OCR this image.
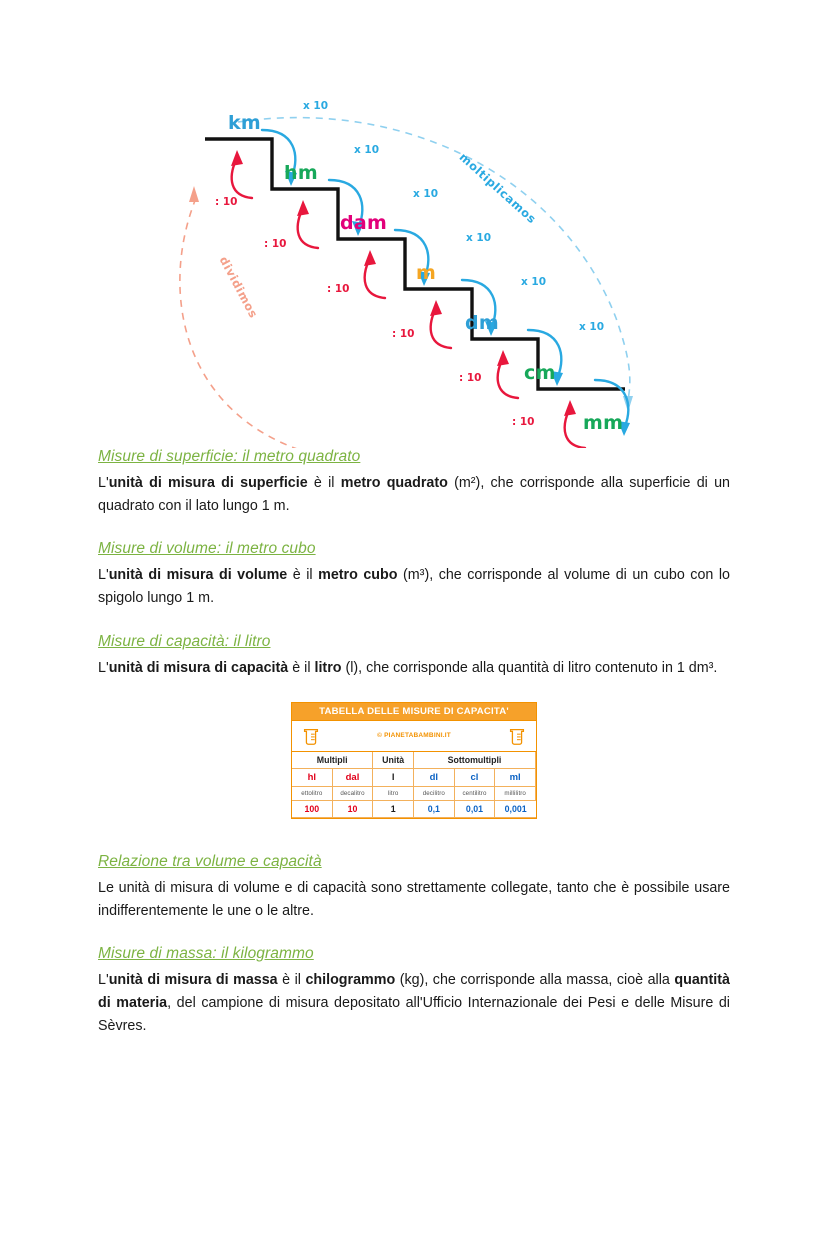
km
hm
dam
m
dm
cm
mm
x 10
x 10
x 10
x 10
x 10
x 10
: 10
: 10
: 10
: 10
: 10
: 10
moltiplicamos
dividimos
Misure di superficie: il metro quadrato

L'unità di misura di superficie è il metro quadrato (m²), che corrisponde alla superficie di un quadrato con il lato lungo 1 m.

Misure di volume: il metro cubo

L'unità di misura di volume è il metro cubo (m³), che corrisponde al volume di un cubo con lo spigolo lungo 1 m.

Misure di capacità: il litro

L'unità di misura di capacità è il litro (l), che corrisponde alla quantità di litro contenuto in 1 dm³.

TABELLA DELLE MISURE DI CAPACITA'
© PIANETABAMBINI.IT
Multipli	Unità	Sottomultipli
hl	dal	l	dl	cl	ml
ettolitro	decalitro	litro	decilitro	centilitro	millilitro
100	10	1	0,1	0,01	0,001
Relazione tra volume e capacità

Le unità di misura di volume e di capacità sono strettamente collegate, tanto che è possibile usare indifferentemente le une o le altre.

Misure di massa: il kilogrammo

L'unità di misura di massa è il chilogrammo (kg), che corrisponde alla massa, cioè alla quantità di materia, del campione di misura depositato all'Ufficio Internazionale dei Pesi e delle Misure di Sèvres.
